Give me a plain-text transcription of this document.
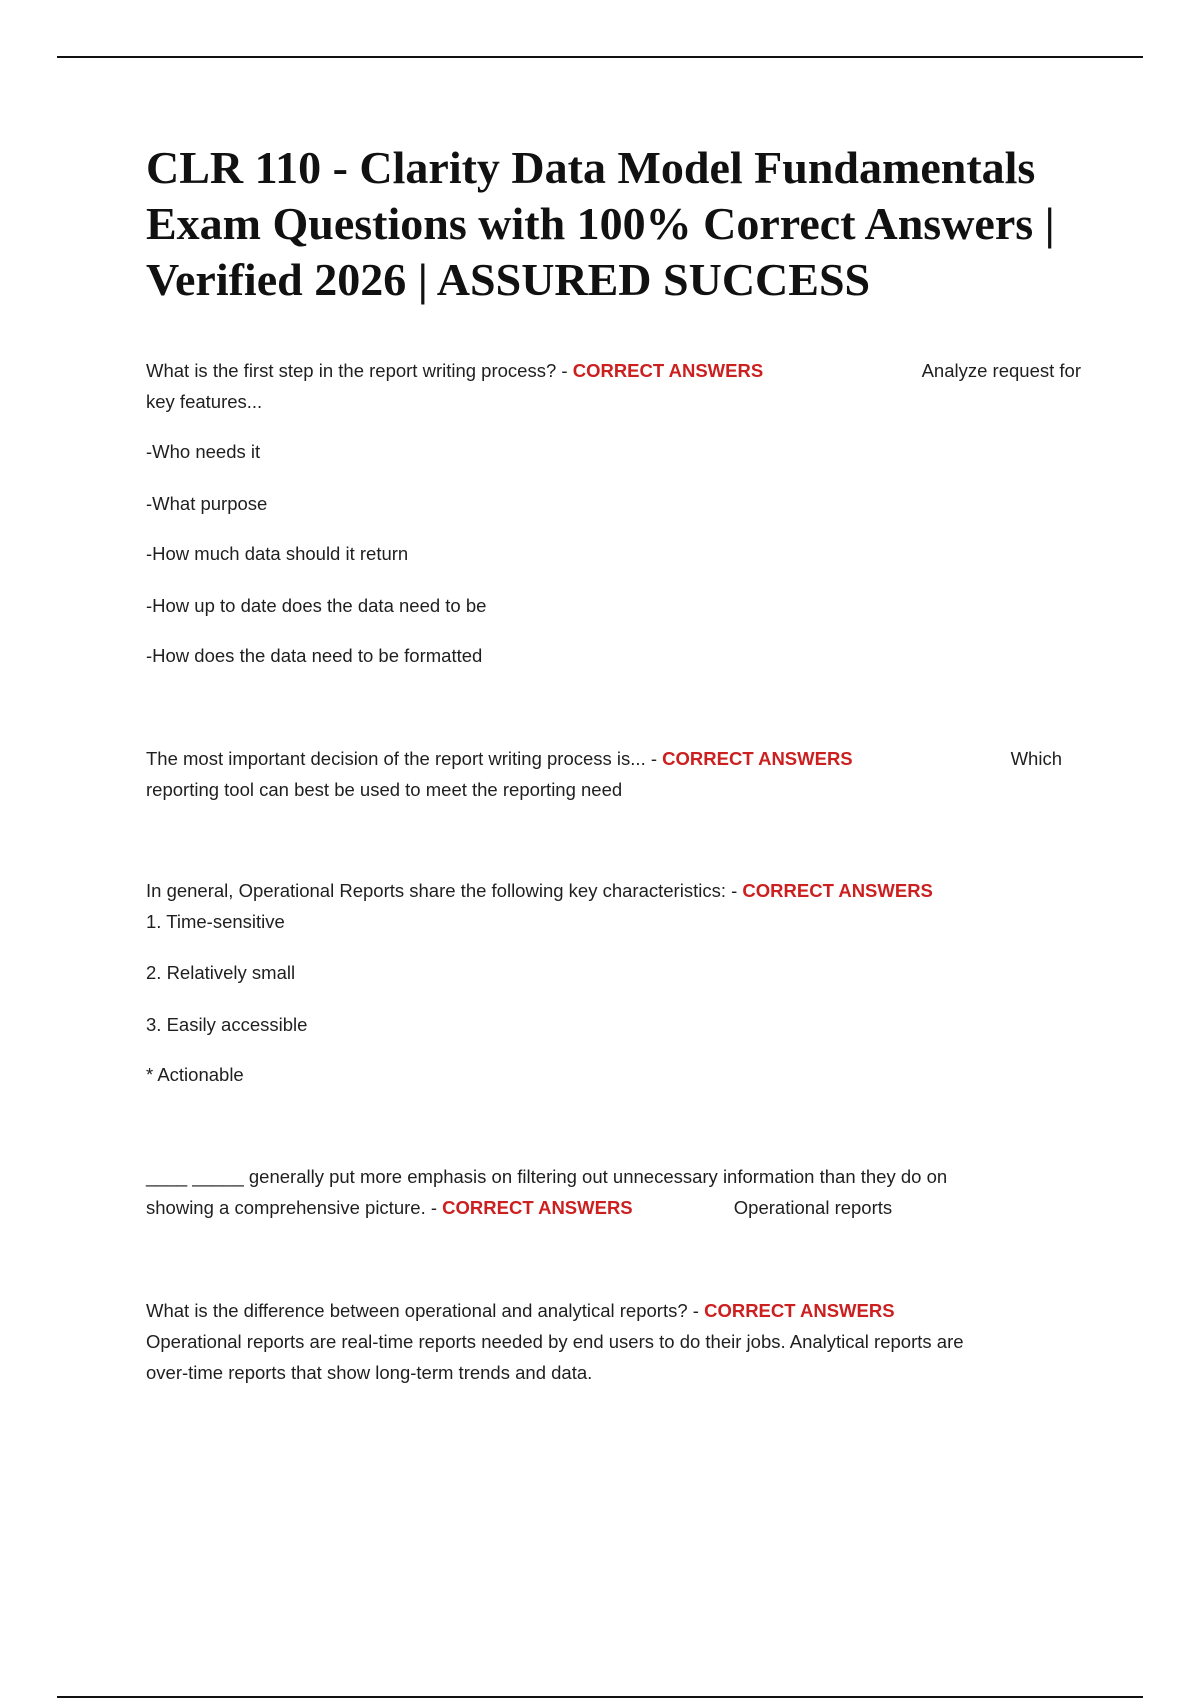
CLR 110 - Clarity Data Model Fundamentals Exam Questions with 100% Correct Answers | Verified 2026 | ASSURED SUCCESS
What is the first step in the report writing process? - CORRECT ANSWERS	Analyze request for
key features...
-Who needs it
-What purpose
-How much data should it return
-How up to date does the data need to be
-How does the data need to be formatted
The most important decision of the report writing process is... - CORRECT ANSWERS	Which
reporting tool can best be used to meet the reporting need
In general, Operational Reports share the following key characteristics: - CORRECT ANSWERS
1. Time-sensitive
2. Relatively small
3. Easily accessible
* Actionable
____ _____ generally put more emphasis on filtering out unnecessary information than they do on
showing a comprehensive picture. - CORRECT ANSWERS	Operational reports
What is the difference between operational and analytical reports? - CORRECT ANSWERS
Operational reports are real-time reports needed by end users to do their jobs. Analytical reports are
over-time reports that show long-term trends and data.
